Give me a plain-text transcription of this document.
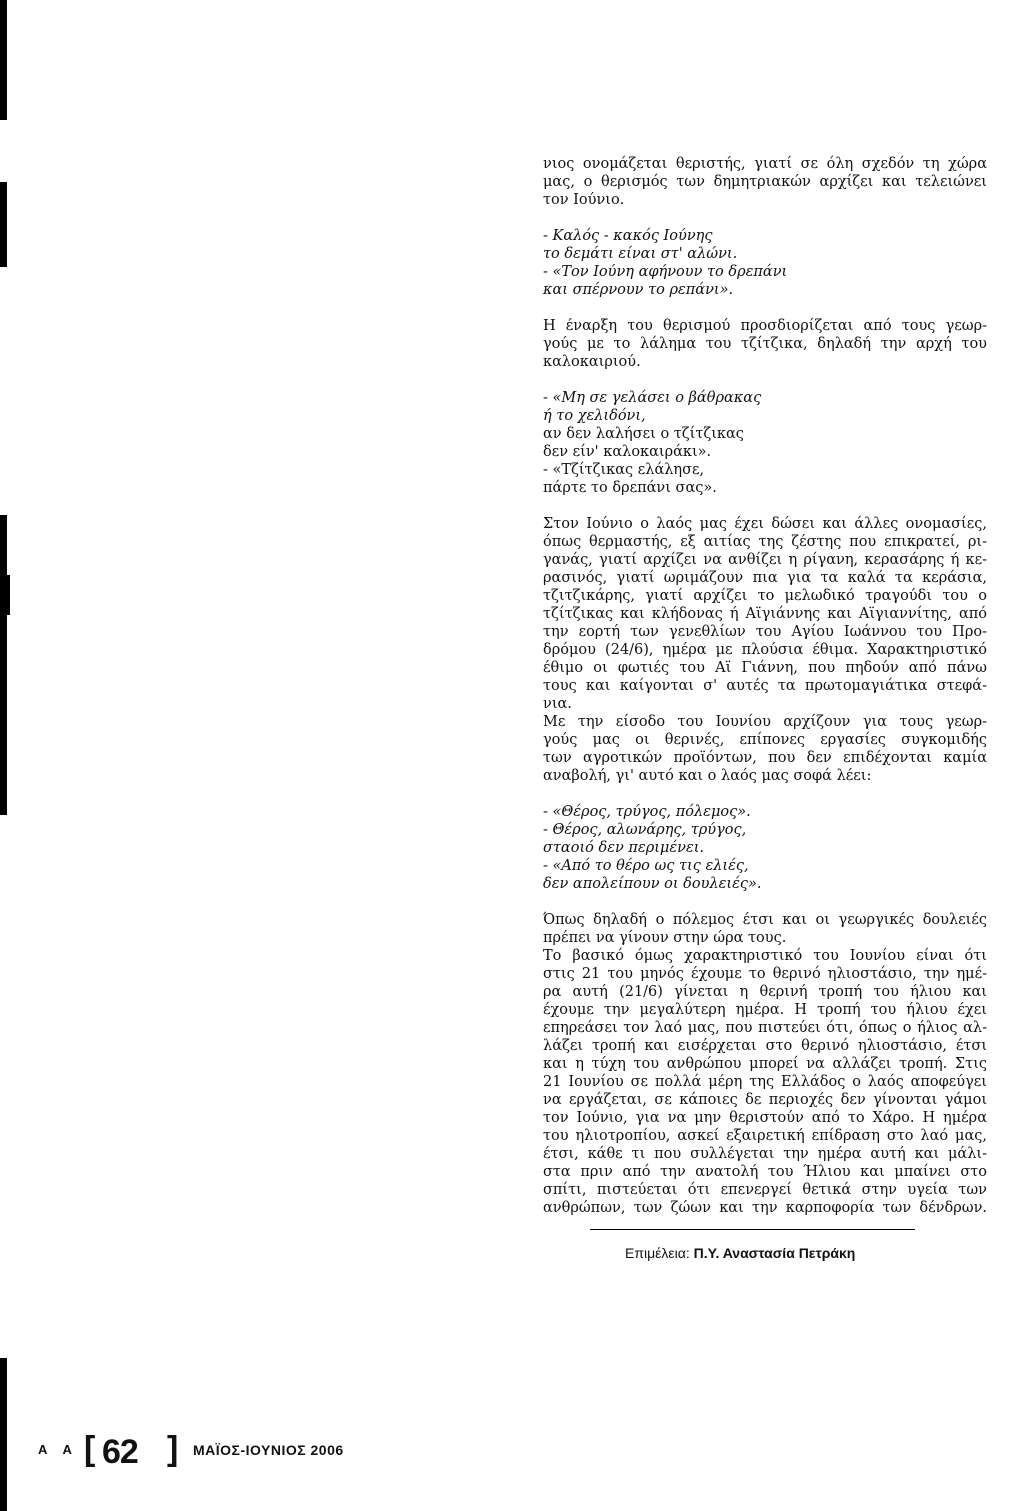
νιος ονομάζεται θεριστής, γιατί σε όλη σχεδόν τη χώρα
μας, ο θερισμός των δημητριακών αρχίζει και τελειώνει
τον Ιούνιο.
- Καλός - κακός Ιούνης
το δεμάτι είναι στ' αλώνι.
- «Τον Ιούνη αφήνουν το δρεπάνι
και σπέρνουν το ρεπάνι».
Η έναρξη του θερισμού προσδιορίζεται από τους γεωρ-
γούς με το λάλημα του τζίτζικα, δηλαδή την αρχή του
καλοκαιριού.
- «Μη σε γελάσει ο βάθρακας
ή το χελιδόνι,
αν δεν λαλήσει ο τζίτζικας
δεν είν' καλοκαιράκι».
- «Τζίτζικας ελάλησε,
πάρτε το δρεπάνι σας».
Στον Ιούνιο ο λαός μας έχει δώσει και άλλες ονομασίες,
όπως θερμαστής, εξ αιτίας της ζέστης που επικρατεί, ρι-
γανάς, γιατί αρχίζει να ανθίζει η ρίγανη, κερασάρης ή κε-
ρασινός, γιατί ωριμάζουν πια για τα καλά τα κεράσια,
τζιτζικάρης, γιατί αρχίζει το μελωδικό τραγούδι του ο
τζίτζικας και κλήδονας ή Αϊγιάννης και Αϊγιαννίτης, από
την εορτή των γενεθλίων του Αγίου Ιωάννου του Προ-
δρόμου (24/6), ημέρα με πλούσια έθιμα. Χαρακτηριστικό
έθιμο οι φωτιές του Αϊ Γιάννη, που πηδούν από πάνω
τους και καίγονται σ' αυτές τα πρωτομαγιάτικα στεφά-
νια.
Με την είσοδο του Ιουνίου αρχίζουν για τους γεωρ-
γούς μας οι θερινές, επίπονες εργασίες συγκομιδής
των αγροτικών προϊόντων, που δεν επιδέχονται καμία
αναβολή, γι' αυτό και ο λαός μας σοφά λέει:
- «Θέρος, τρύγος, πόλεμος».
- Θέρος, αλωνάρης, τρύγος,
σταοιό δεν περιμένει.
- «Από το θέρο ως τις ελιές,
δεν απολείπουν οι δουλειές».
Όπως δηλαδή ο πόλεμος έτσι και οι γεωργικές δουλειές
πρέπει να γίνουν στην ώρα τους.
Το βασικό όμως χαρακτηριστικό του Ιουνίου είναι ότι
στις 21 του μηνός έχουμε το θερινό ηλιοστάσιο, την ημέ-
ρα αυτή (21/6) γίνεται η θερινή τροπή του ήλιου και
έχουμε την μεγαλύτερη ημέρα. Η τροπή του ήλιου έχει
επηρεάσει τον λαό μας, που πιστεύει ότι, όπως ο ήλιος αλ-
λάζει τροπή και εισέρχεται στο θερινό ηλιοστάσιο, έτσι
και η τύχη του ανθρώπου μπορεί να αλλάζει τροπή. Στις
21 Ιουνίου σε πολλά μέρη της Ελλάδος ο λαός αποφεύγει
να εργάζεται, σε κάποιες δε περιοχές δεν γίνονται γάμοι
τον Ιούνιο, για να μην θεριστούν από το Χάρο. Η ημέρα
του ηλιοτροπίου, ασκεί εξαιρετική επίδραση στο λαό μας,
έτσι, κάθε τι που συλλέγεται την ημέρα αυτή και μάλι-
στα πριν από την ανατολή του Ήλιου και μπαίνει στο
σπίτι, πιστεύεται ότι επενεργεί θετικά στην υγεία των
ανθρώπων, των ζώων και την καρποφορία των δένδρων.
Επιμέλεια: Π.Υ. Αναστασία Πετράκη
Α Α [ 62 ] ΜΑΪΟΣ-ΙΟΥΝΙΟΣ 2006
